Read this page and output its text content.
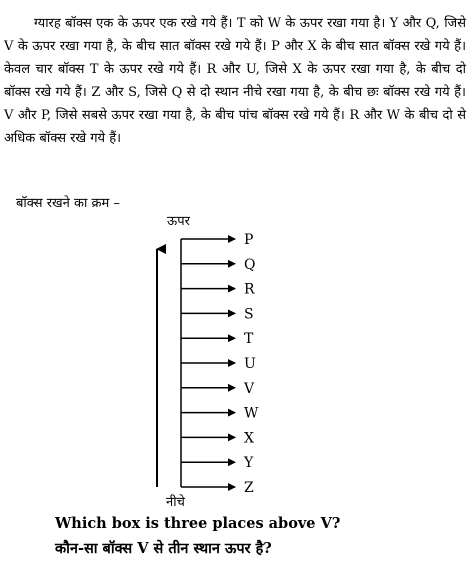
ग्यारह बॉक्स एक के ऊपर एक रखे गये हैं। T को W के ऊपर रखा गया है। Y और Q, जिसे V के ऊपर रखा गया है, के बीच सात बॉक्स रखे गये हैं। P और X के बीच सात बॉक्स रखे गये हैं। केवल चार बॉक्स T के ऊपर रखे गये हैं। R और U, जिसे X के ऊपर रखा गया है, के बीच दो बॉक्स रखे गये हैं। Z और S, जिसे Q से दो स्थान नीचे रखा गया है, के बीच छः बॉक्स रखे गये हैं। V और P, जिसे सबसे ऊपर रखा गया है, के बीच पांच बॉक्स रखे गये हैं। R और W के बीच दो से अधिक बॉक्स रखे गये हैं।

बॉक्स रखने का क्रम –

ऊपर
P
Q
R
S
T
U
V
W
X
Y
Z
नीचे

Which box is three places above V?

कौन-सा बॉक्स V से तीन स्थान ऊपर है?
